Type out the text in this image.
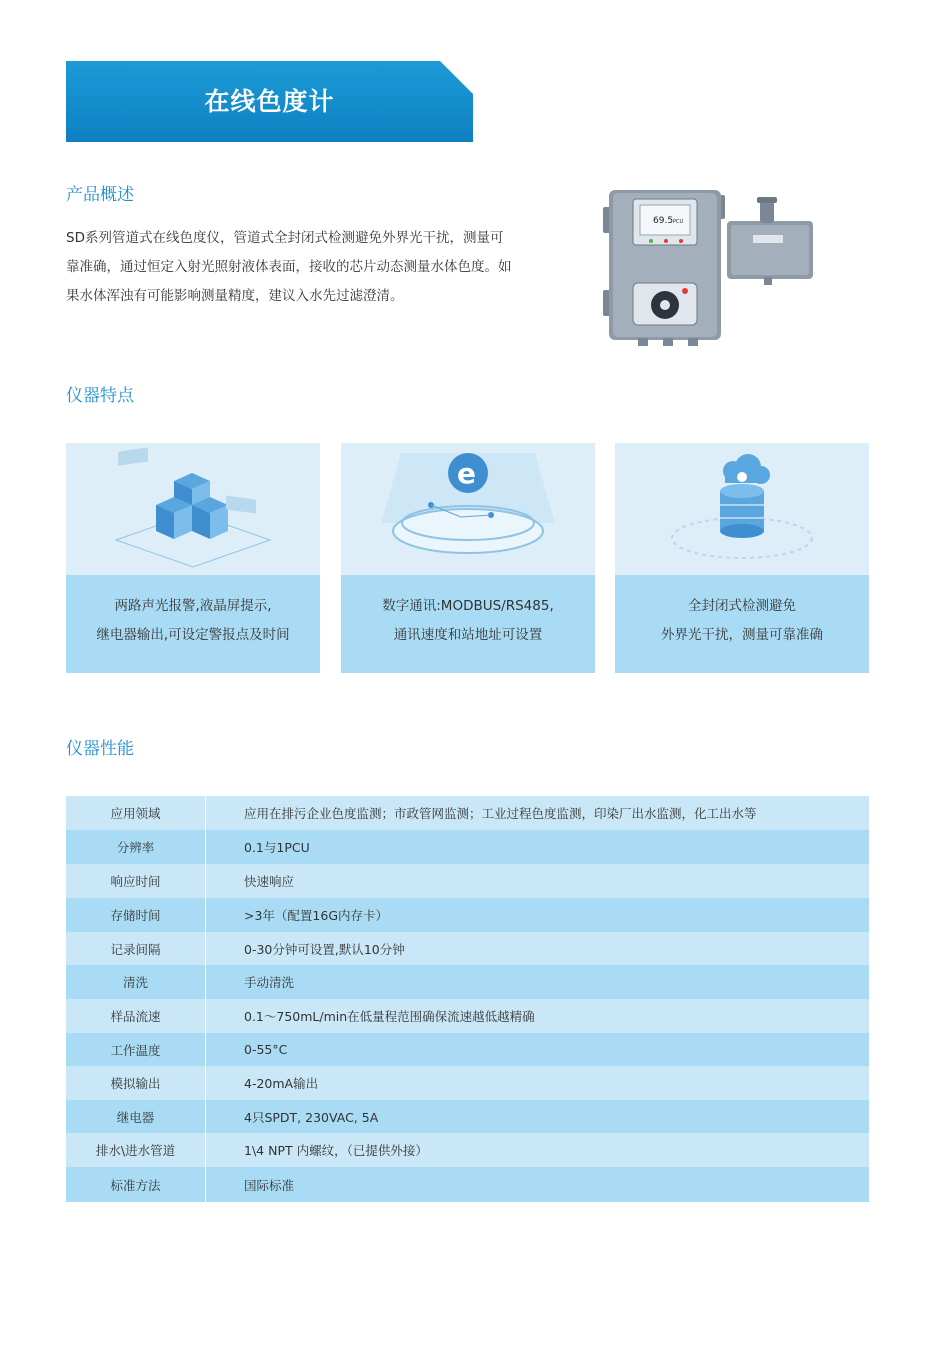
在线色度计
产品概述
SD系列管道式在线色度仪，管道式全封闭式检测避免外界光干扰，测量可
靠准确，通过恒定入射光照射液体表面，接收的芯片动态测量水体色度。如
果水体浑浊有可能影响测量精度，建议入水先过滤澄清。
69.5 PCU
仪器特点
两路声光报警,液晶屏提示,
继电器输出,可设定警报点及时间
e
数字通讯:MODBUS/RS485,
通讯速度和站地址可设置
全封闭式检测避免
外界光干扰，测量可靠准确
仪器性能
应用领域	应用在排污企业色度监测；市政管网监测；工业过程色度监测，印染厂出水监测，化工出水等
分辨率	0.1与1PCU
响应时间	快速响应
存储时间	>3年（配置16G内存卡）
记录间隔	0-30分钟可设置,默认10分钟
清洗	手动清洗
样品流速	0.1～750mL/min在低量程范围确保流速越低越精确
工作温度	0-55°C
模拟输出	4-20mA输出
继电器	4只SPDT, 230VAC, 5A
排水\进水管道	1\4 NPT 内螺纹，（已提供外接）
标准方法	国际标准
